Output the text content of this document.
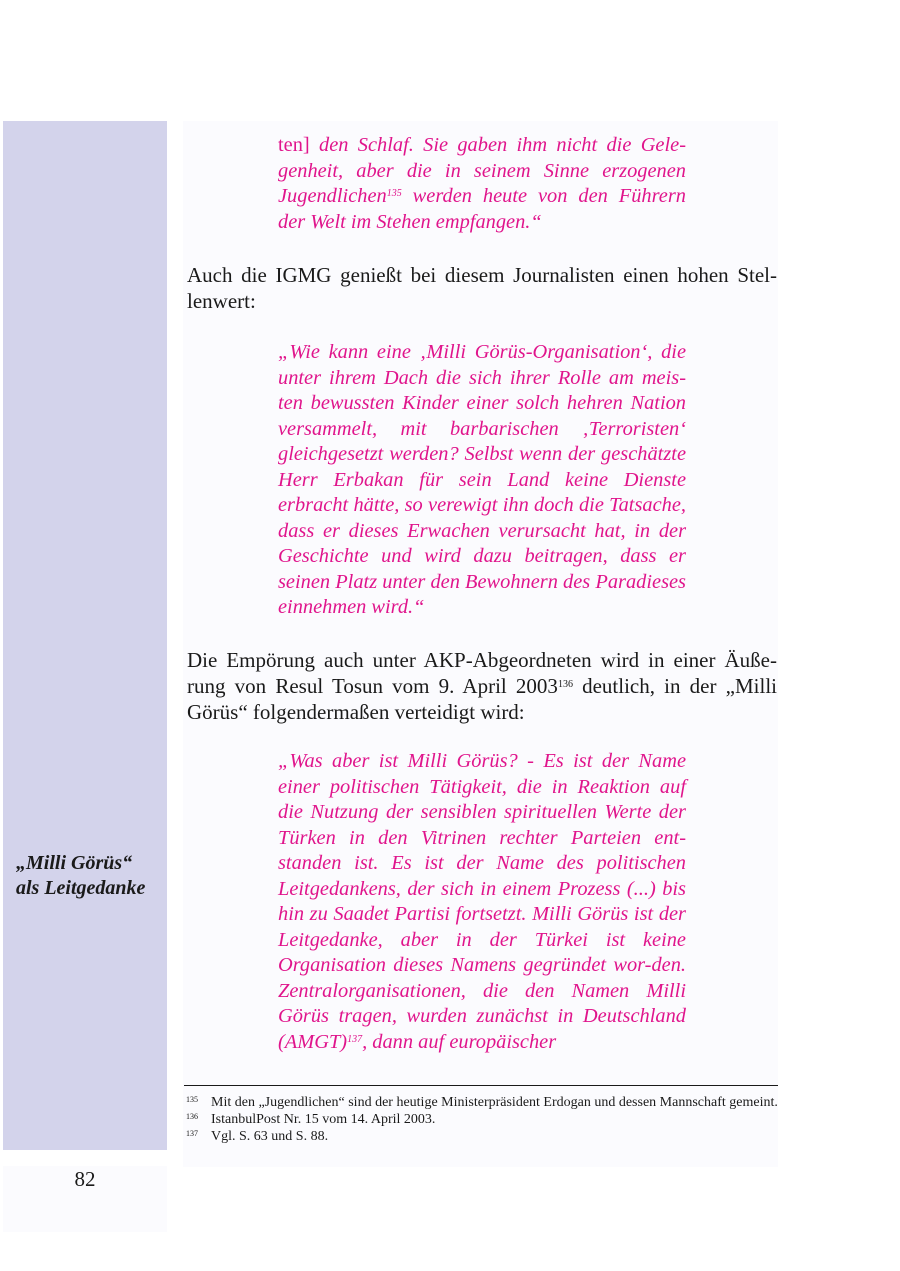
82
„Milli Görüs“
als Leitgedanke
ten] den Schlaf. Sie gaben ihm nicht die Gele-genheit, aber die in seinem Sinne erzogenen Jugendlichen$^{135}$ werden heute von den Führern der Welt im Stehen empfangen.“
Auch die IGMG genießt bei diesem Journalisten einen hohen Stel-lenwert:
„Wie kann eine ‚Milli Görüs-Organisation‘, die unter ihrem Dach die sich ihrer Rolle am meis-ten bewussten Kinder einer solch hehren Nation versammelt, mit barbarischen ‚Terroristen‘ gleichgesetzt werden? Selbst wenn der geschätzte Herr Erbakan für sein Land keine Dienste erbracht hätte, so verewigt ihn doch die Tatsache, dass er dieses Erwachen verursacht hat, in der Geschichte und wird dazu beitragen, dass er seinen Platz unter den Bewohnern des Paradieses einnehmen wird.“
Die Empörung auch unter AKP-Abgeordneten wird in einer Äuße-rung von Resul Tosun vom 9. April 2003$^{136}$ deutlich, in der „Milli Görüs“ folgendermaßen verteidigt wird:
„Was aber ist Milli Görüs? - Es ist der Name einer politischen Tätigkeit, die in Reaktion auf die Nutzung der sensiblen spirituellen Werte der Türken in den Vitrinen rechter Parteien ent-standen ist. Es ist der Name des politischen Leitgedankens, der sich in einem Prozess (...) bis hin zu Saadet Partisi fortsetzt. Milli Görüs ist der Leitgedanke, aber in der Türkei ist keine Organisation dieses Namens gegründet wor-den. Zentralorganisationen, die den Namen Milli Görüs tragen, wurden zunächst in Deutschland (AMGT)$^{137}$, dann auf europäischer
135 Mit den „Jugendlichen“ sind der heutige Ministerpräsident Erdogan und dessen Mannschaft gemeint.
136 IstanbulPost Nr. 15 vom 14. April 2003.
137 Vgl. S. 63 und S. 88.
